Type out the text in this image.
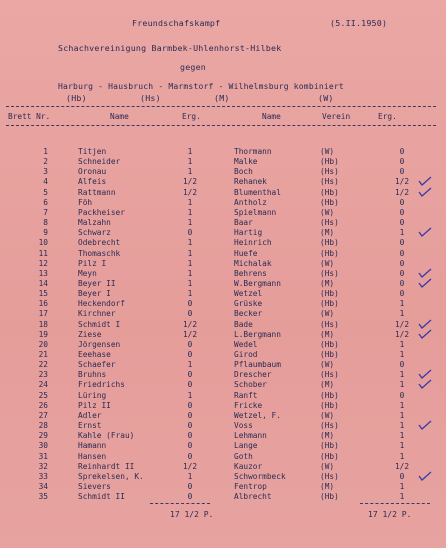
Freundschafskampf	(5.II.1950)
Schachvereinigung Barmbek-Uhlenhorst-Hilbek
gegen
Harburg - Hausbruch - Marmstorf - Wilhelmsburg kombiniert
(Hb)	(Hs)	(M)	(W)
Brett Nr.	Name	Erg.	Name	Verein	Erg.
1	Titjen	1	Thormann	(W)	0
2	Schneider	1	Malke	(Hb)	0
3	Oronau	1	Boch	(Hs)	0
4	Alfeis	1/2	Rehanek	(Hs)	1/2
5	Rattmann	1/2	Blumenthal	(Hb)	1/2
6	Föh	1	Antholz	(Hb)	0
7	Packheiser	1	Spielmann	(W)	0
8	Malzahn	1	Baar	(Hs)	0
9	Schwarz	0	Hartig	(M)	1
10	Odebrecht	1	Heinrich	(Hb)	0
11	Thomaschk	1	Huefe	(Hb)	0
12	Pilz I	1	Michalak	(W)	0
13	Meyn	1	Behrens	(Hs)	0
14	Beyer II	1	W.Bergmann	(M)	0
15	Beyer I	1	Wetzel	(Hb)	0
16	Heckendorf	0	Grüske	(Hb)	1
17	Kirchner	0	Becker	(W)	1
18	Schmidt I	1/2	Bade	(Hs)	1/2
19	Ziese	1/2	L.Bergmann	(M)	1/2
20	Jörgensen	0	Wedel	(Hb)	1
21	Eeehase	0	Girod	(Hb)	1
22	Schaefer	1	Pflaumbaum	(W)	0
23	Bruhns	0	Drescher	(Hs)	1
24	Friedrichs	0	Schober	(M)	1
25	Lüring	1	Ranft	(Hb)	0
26	Pilz II	0	Fricke	(Hb)	1
27	Adler	0	Wetzel, F.	(W)	1
28	Ernst	0	Voss	(Hs)	1
29	Kahle (Frau)	0	Lehmann	(M)	1
30	Hamann	0	Lange	(Hb)	1
31	Hansen	0	Goth	(Hb)	1
32	Reinhardt II	1/2	Kauzor	(W)	1/2
33	Sprekelsen, K.	1	Schwormbeck	(Hs)	0
34	Sievers	0	Fentrop	(M)	1
35	Schmidt II	0	Albrecht	(Hb)	1
17 1/2 P.	17 1/2 P.
